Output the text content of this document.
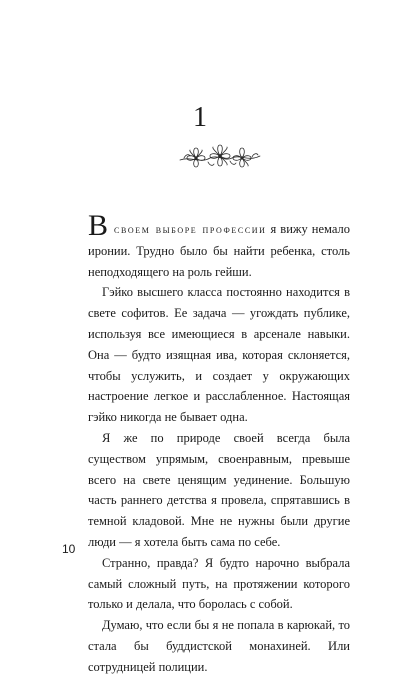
1

В своем выборе профессии я вижу немало иронии. Трудно было бы найти ребенка, столь неподходящего на роль гейши.

Гэйко высшего класса постоянно находится в свете софитов. Ее задача — угождать публике, используя все имеющиеся в арсенале навыки. Она — будто изящная ива, которая склоняется, чтобы услужить, и создает у окружающих настроение легкое и расслабленное. Настоящая гэйко никогда не бывает одна.

Я же по природе своей всегда была существом упрямым, своенравным, превыше всего на свете ценящим уединение. Большую часть раннего детства я провела, спрятавшись в темной кладовой. Мне не нужны были другие люди — я хотела быть сама по себе.

Странно, правда? Я будто нарочно выбрала самый сложный путь, на протяжении которого только и делала, что боролась с собой.

Думаю, что если бы я не попала в карюкай, то стала бы буддистской монахиней. Или сотрудницей полиции.

10
